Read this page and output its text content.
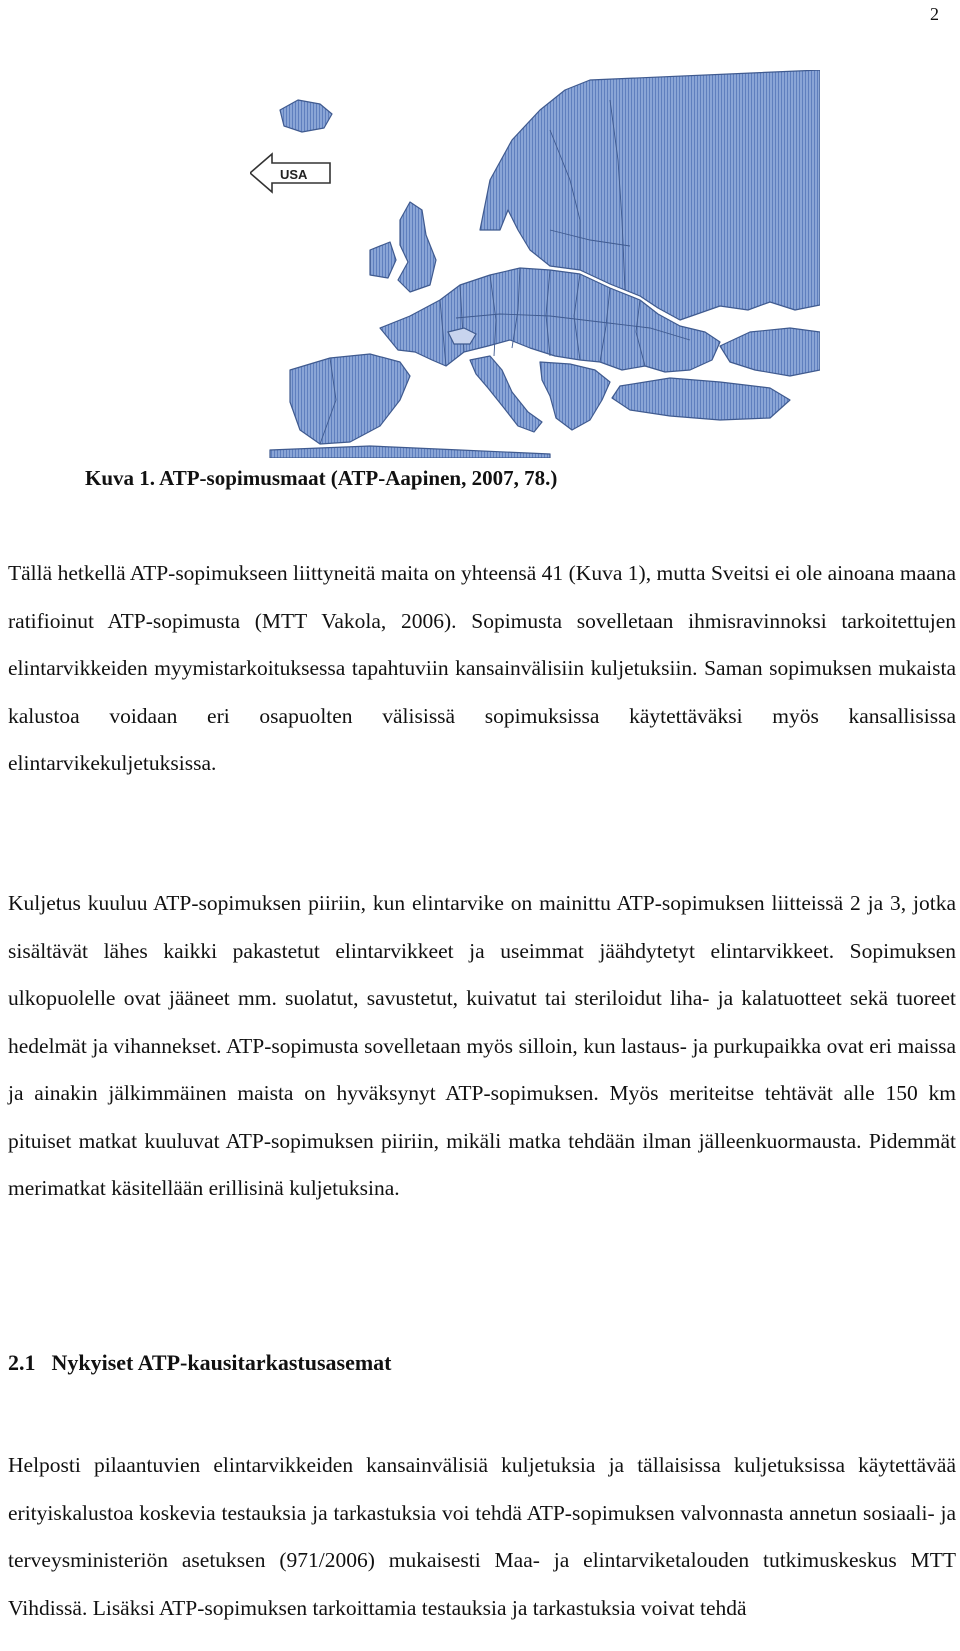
2
USA
Kuva 1. ATP-sopimusmaat (ATP-Aapinen, 2007, 78.)

Tällä hetkellä ATP-sopimukseen liittyneitä maita on yhteensä 41 (Kuva 1), mutta Sveitsi ei ole ainoana maana ratifioinut ATP-sopimusta (MTT Vakola, 2006). Sopimusta sovelletaan ihmisravinnoksi tarkoitettujen elintarvikkeiden myymistarkoituksessa tapahtuviin kansainvälisiin kuljetuksiin. Saman sopimuksen mukaista kalustoa voidaan eri osapuolten välisissä sopimuksissa käytettäväksi myös kansallisissa elintarvikekuljetuksissa.

Kuljetus kuuluu ATP-sopimuksen piiriin, kun elintarvike on mainittu ATP-sopimuksen liitteissä 2 ja 3, jotka sisältävät lähes kaikki pakastetut elintarvikkeet ja useimmat jäähdytetyt elintarvikkeet. Sopimuksen ulkopuolelle ovat jääneet mm. suolatut, savustetut, kuivatut tai steriloidut liha- ja kalatuotteet sekä tuoreet hedelmät ja vihannekset. ATP-sopimusta sovelletaan myös silloin, kun lastaus- ja purkupaikka ovat eri maissa ja ainakin jälkimmäinen maista on hyväksynyt ATP-sopimuksen. Myös meriteitse tehtävät alle 150 km pituiset matkat kuuluvat ATP-sopimuksen piiriin, mikäli matka tehdään ilman jälleenkuormausta. Pidemmät merimatkat käsitellään erillisinä kuljetuksina.

2.1 Nykyiset ATP-kausitarkastusasemat

Helposti pilaantuvien elintarvikkeiden kansainvälisiä kuljetuksia ja tällaisissa kuljetuksissa käytettävää erityiskalustoa koskevia testauksia ja tarkastuksia voi tehdä ATP-sopimuksen valvonnasta annetun sosiaali- ja terveysministeriön asetuksen (971/2006) mukaisesti Maa- ja elintarviketalouden tutkimuskeskus MTT Vihdissä. Lisäksi ATP-sopimuksen tarkoittamia testauksia ja tarkastuksia voivat tehdä
